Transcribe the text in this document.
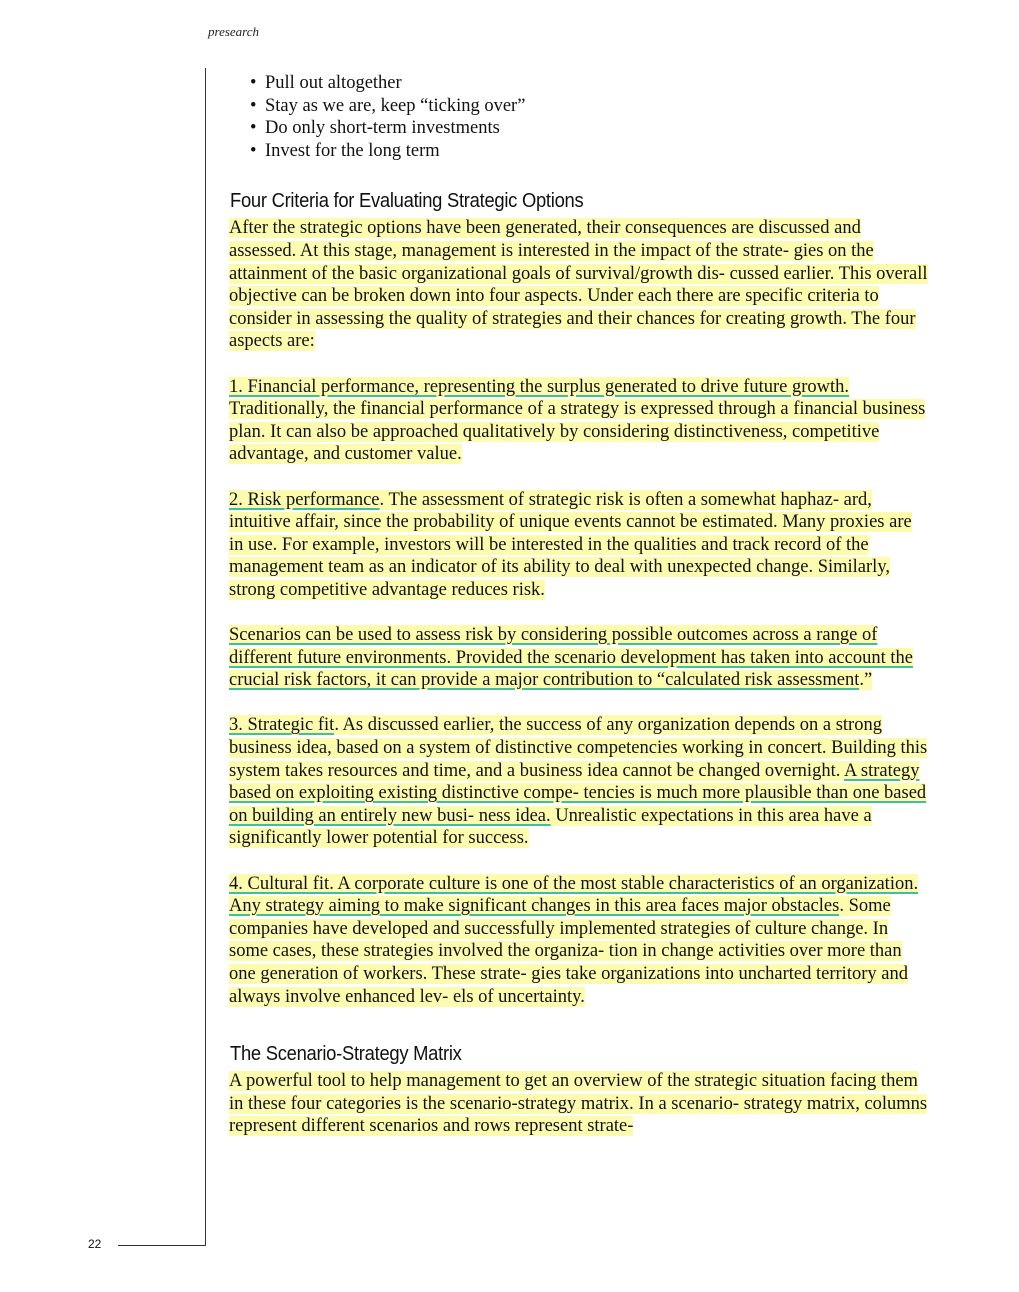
presearch
22
• Pull out altogether
• Stay as we are, keep “ticking over”
• Do only short-term investments
• Invest for the long term
Four Criteria for Evaluating Strategic Options

After the strategic options have been generated, their consequences are discussed and assessed. At this stage, management is interested in the impact of the strate- gies on the attainment of the basic organizational goals of survival/growth dis- cussed earlier. This overall objective can be broken down into four aspects. Under each there are specific criteria to consider in assessing the quality of strategies and their chances for creating growth. The four aspects are:

1. Financial performance, representing the surplus generated to drive future growth. Traditionally, the financial performance of a strategy is expressed through a financial business plan. It can also be approached qualitatively by considering distinctiveness, competitive advantage, and customer value.

2. Risk performance. The assessment of strategic risk is often a somewhat haphaz- ard, intuitive affair, since the probability of unique events cannot be estimated. Many proxies are in use. For example, investors will be interested in the qualities and track record of the management team as an indicator of its ability to deal with unexpected change. Similarly, strong competitive advantage reduces risk.

Scenarios can be used to assess risk by considering possible outcomes across a range of different future environments. Provided the scenario development has taken into account the crucial risk factors, it can provide a major contribution to “calculated risk assessment.”

3. Strategic fit. As discussed earlier, the success of any organization depends on a strong business idea, based on a system of distinctive competencies working in concert. Building this system takes resources and time, and a business idea cannot be changed overnight. A strategy based on exploiting existing distinctive compe- tencies is much more plausible than one based on building an entirely new busi- ness idea. Unrealistic expectations in this area have a significantly lower potential for success.

4. Cultural fit. A corporate culture is one of the most stable characteristics of an organization. Any strategy aiming to make significant changes in this area faces major obstacles. Some companies have developed and successfully implemented strategies of culture change. In some cases, these strategies involved the organiza- tion in change activities over more than one generation of workers. These strate- gies take organizations into uncharted territory and always involve enhanced lev- els of uncertainty.

The Scenario-Strategy Matrix

A powerful tool to help management to get an overview of the strategic situation facing them in these four categories is the scenario-strategy matrix. In a scenario- strategy matrix, columns represent different scenarios and rows represent strate-
